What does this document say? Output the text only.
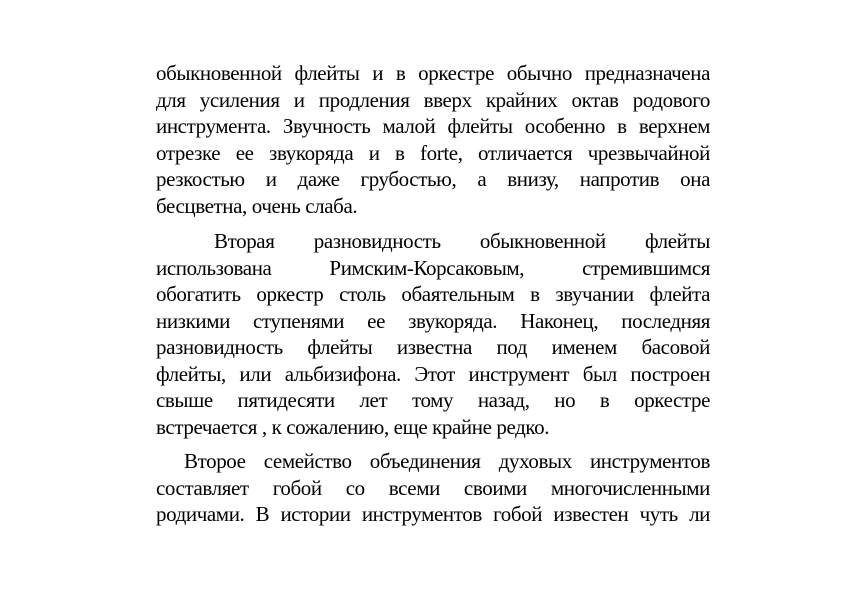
обыкновенной флейты и в оркестре обычно предназначена
для усиления и продления вверх крайних октав родового
инструмента. Звучность малой флейты особенно в верхнем
отрезке ее звукоряда и в forte, отличается чрезвычайной
резкостью и даже грубостью, а внизу, напротив она
бесцветна, очень слаба.
Вторая разновидность обыкновенной флейты
использована Римским-Корсаковым, стремившимся
обогатить оркестр столь обаятельным в звучании флейта
низкими ступенями ее звукоряда. Наконец, последняя
разновидность флейты известна под именем басовой
флейты, или альбизифона. Этот инструмент был построен
свыше пятидесяти лет тому назад, но в оркестре
встречается , к сожалению, еще крайне редко.
Второе семейство объединения духовых инструментов
составляет гобой со всеми своими многочисленными
родичами. В истории инструментов гобой известен чуть ли
